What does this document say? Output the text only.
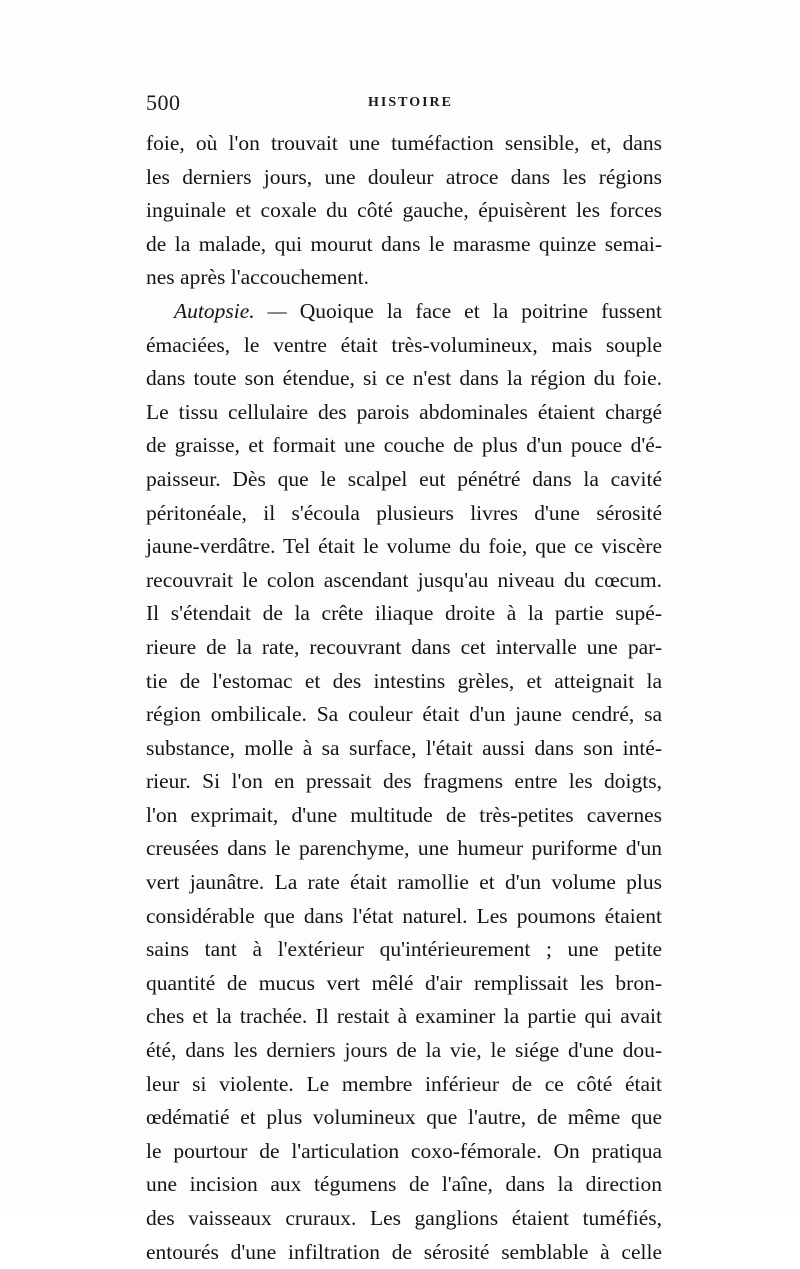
500	HISTOIRE
foie, où l'on trouvait une tuméfaction sensible, et, dans
les derniers jours, une douleur atroce dans les régions
inguinale et coxale du côté gauche, épuisèrent les forces
de la malade, qui mourut dans le marasme quinze semai-
nes après l'accouchement.
Autopsie. — Quoique la face et la poitrine fussent
émaciées, le ventre était très-volumineux, mais souple
dans toute son étendue, si ce n'est dans la région du foie.
Le tissu cellulaire des parois abdominales étaient chargé
de graisse, et formait une couche de plus d'un pouce d'é-
paisseur. Dès que le scalpel eut pénétré dans la cavité
péritonéale, il s'écoula plusieurs livres d'une sérosité
jaune-verdâtre. Tel était le volume du foie, que ce viscère
recouvrait le colon ascendant jusqu'au niveau du cœcum.
Il s'étendait de la crête iliaque droite à la partie supé-
rieure de la rate, recouvrant dans cet intervalle une par-
tie de l'estomac et des intestins grèles, et atteignait la
région ombilicale. Sa couleur était d'un jaune cendré, sa
substance, molle à sa surface, l'était aussi dans son inté-
rieur. Si l'on en pressait des fragmens entre les doigts,
l'on exprimait, d'une multitude de très-petites cavernes
creusées dans le parenchyme, une humeur puriforme d'un
vert jaunâtre. La rate était ramollie et d'un volume plus
considérable que dans l'état naturel. Les poumons étaient
sains tant à l'extérieur qu'intérieurement ; une petite
quantité de mucus vert mêlé d'air remplissait les bron-
ches et la trachée. Il restait à examiner la partie qui avait
été, dans les derniers jours de la vie, le siége d'une dou-
leur si violente. Le membre inférieur de ce côté était
œdématié et plus volumineux que l'autre, de même que
le pourtour de l'articulation coxo-fémorale. On pratiqua
une incision aux tégumens de l'aîne, dans la direction
des vaisseaux cruraux. Les ganglions étaient tuméfiés,
entourés d'une infiltration de sérosité semblable à celle
